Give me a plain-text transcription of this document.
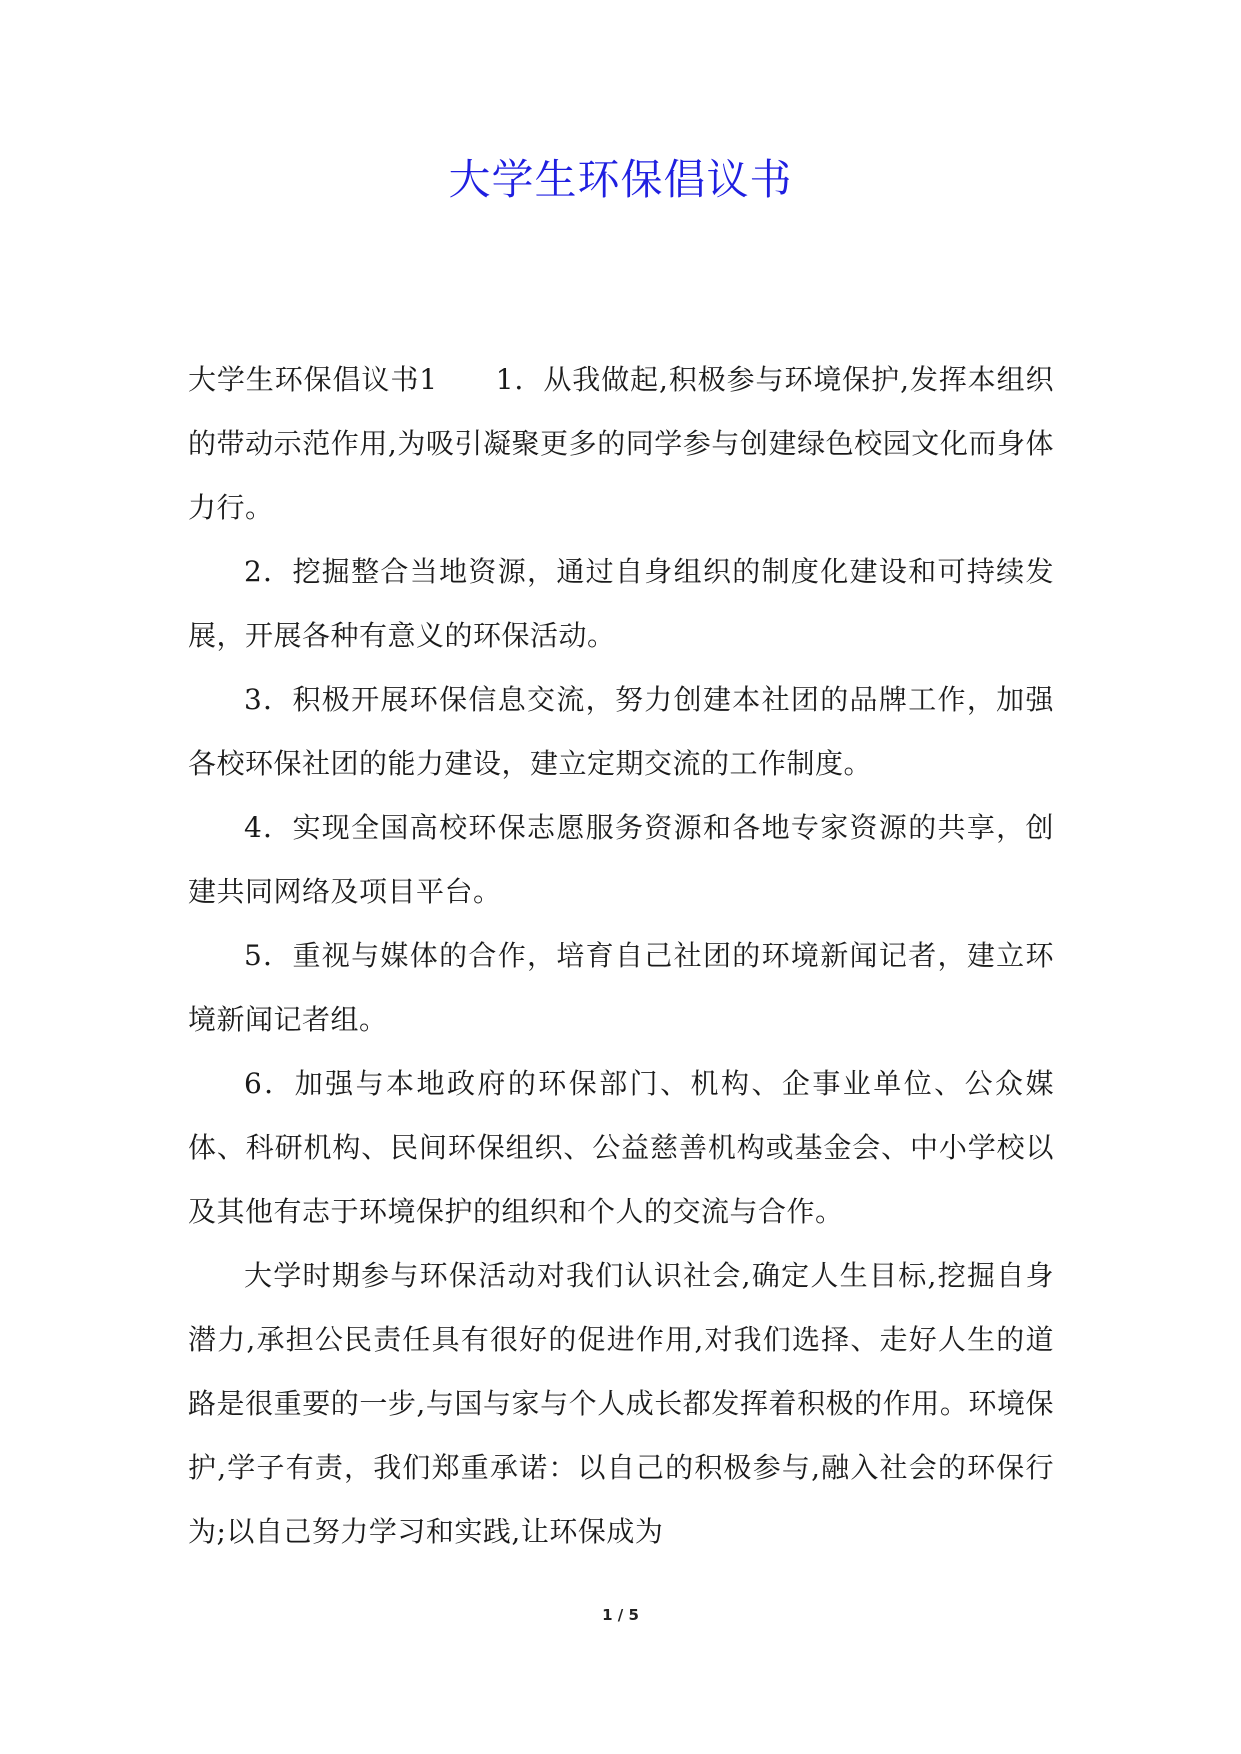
大学生环保倡议书

大学生环保倡议书1　　1．从我做起,积极参与环境保护,发挥本组织的带动示范作用,为吸引凝聚更多的同学参与创建绿色校园文化而身体力行。

2．挖掘整合当地资源，通过自身组织的制度化建设和可持续发展，开展各种有意义的环保活动。

3．积极开展环保信息交流，努力创建本社团的品牌工作，加强各校环保社团的能力建设，建立定期交流的工作制度。

4．实现全国高校环保志愿服务资源和各地专家资源的共享，创建共同网络及项目平台。

5．重视与媒体的合作，培育自己社团的环境新闻记者，建立环境新闻记者组。

6．加强与本地政府的环保部门、机构、企事业单位、公众媒体、科研机构、民间环保组织、公益慈善机构或基金会、中小学校以及其他有志于环境保护的组织和个人的交流与合作。

大学时期参与环保活动对我们认识社会,确定人生目标,挖掘自身潜力,承担公民责任具有很好的促进作用,对我们选择、走好人生的道路是很重要的一步,与国与家与个人成长都发挥着积极的作用。环境保护,学子有责，我们郑重承诺：以自己的积极参与,融入社会的环保行为;以自己努力学习和实践,让环保成为

1 / 5
